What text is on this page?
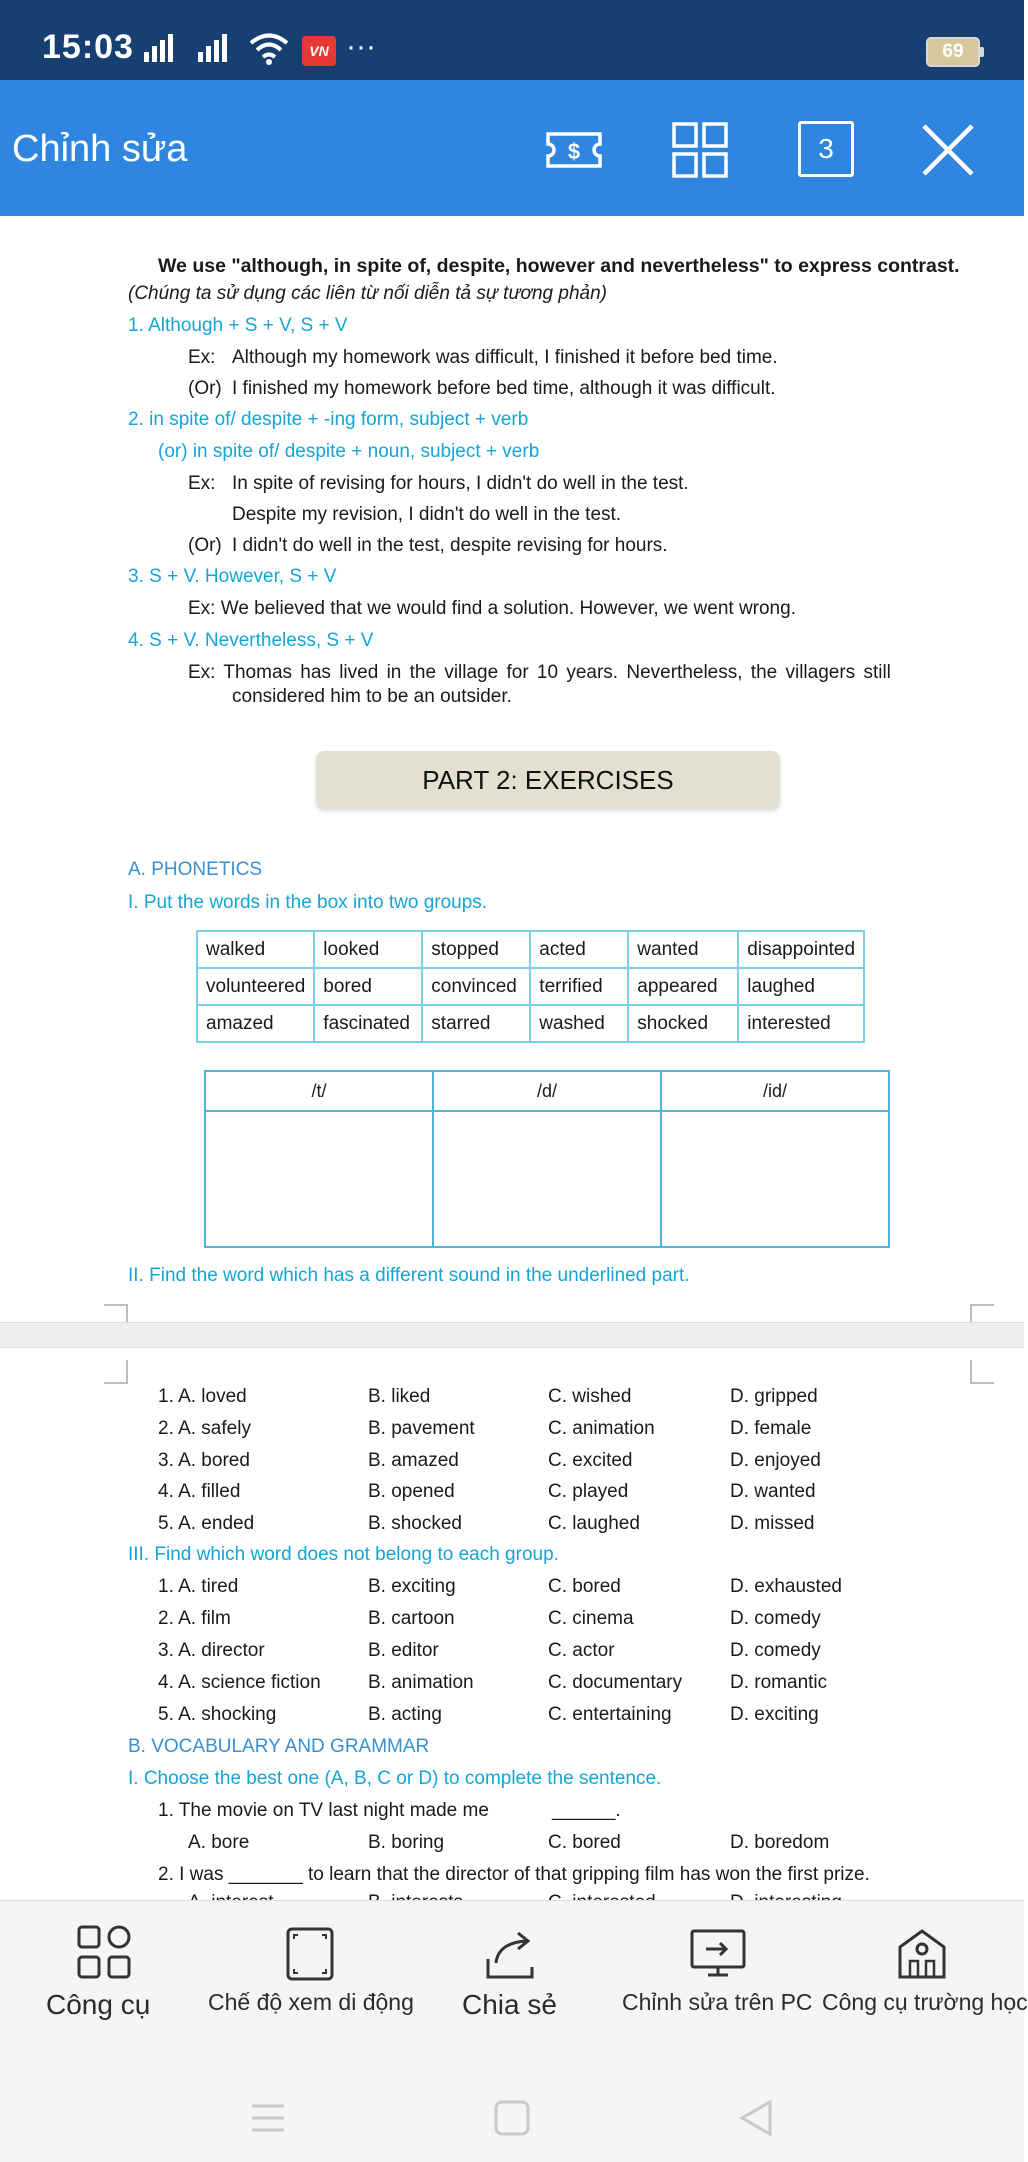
15:03	VN ···	69
Chỉnh sửa	$	3
We use "although, in spite of, despite, however and nevertheless" to express contrast.
(Chúng ta sử dụng các liên từ nối diễn tả sự tương phản)
1. Although + S + V, S + V
Ex: Although my homework was difficult, I finished it before bed time.
(Or) I finished my homework before bed time, although it was difficult.
2. in spite of/ despite + -ing form, subject + verb
(or) in spite of/ despite + noun, subject + verb
Ex: In spite of revising for hours, I didn't do well in the test.
Despite my revision, I didn't do well in the test.
(Or) I didn't do well in the test, despite revising for hours.
3. S + V. However, S + V
Ex: We believed that we would find a solution. However, we went wrong.
4. S + V. Nevertheless, S + V
Ex: Thomas has lived in the village for 10 years. Nevertheless, the villagers still
considered him to be an outsider.
PART 2: EXERCISES
A. PHONETICS
I. Put the words in the box into two groups.
walked	looked	stopped	acted	wanted	disappointed
volunteered	bored	convinced	terrified	appeared	laughed
amazed	fascinated	starred	washed	shocked	interested
/t/	/d/	/id/

II. Find the word which has a different sound in the underlined part.
1. A. loved	B. liked	C. wished	D. gripped
2. A. safely	B. pavement	C. animation	D. female
3. A. bored	B. amazed	C. excited	D. enjoyed
4. A. filled	B. opened	C. played	D. wanted
5. A. ended	B. shocked	C. laughed	D. missed
III. Find which word does not belong to each group.
1. A. tired	B. exciting	C. bored	D. exhausted
2. A. film	B. cartoon	C. cinema	D. comedy
3. A. director	B. editor	C. actor	D. comedy
4. A. science fiction B. animation	C. documentary	D. romantic
5. A. shocking	B. acting	C. entertaining	D. exciting
B. VOCABULARY AND GRAMMAR
I. Choose the best one (A, B, C or D) to complete the sentence.
1. The movie on TV last night made me	______.
A. bore	B. boring	C. bored	D. boredom
2. I was _______ to learn that the director of that gripping film has won the first prize.
Công cụ	Chế độ xem di động Chia sẻ	Chỉnh sửa trên PC Công cụ trường học
